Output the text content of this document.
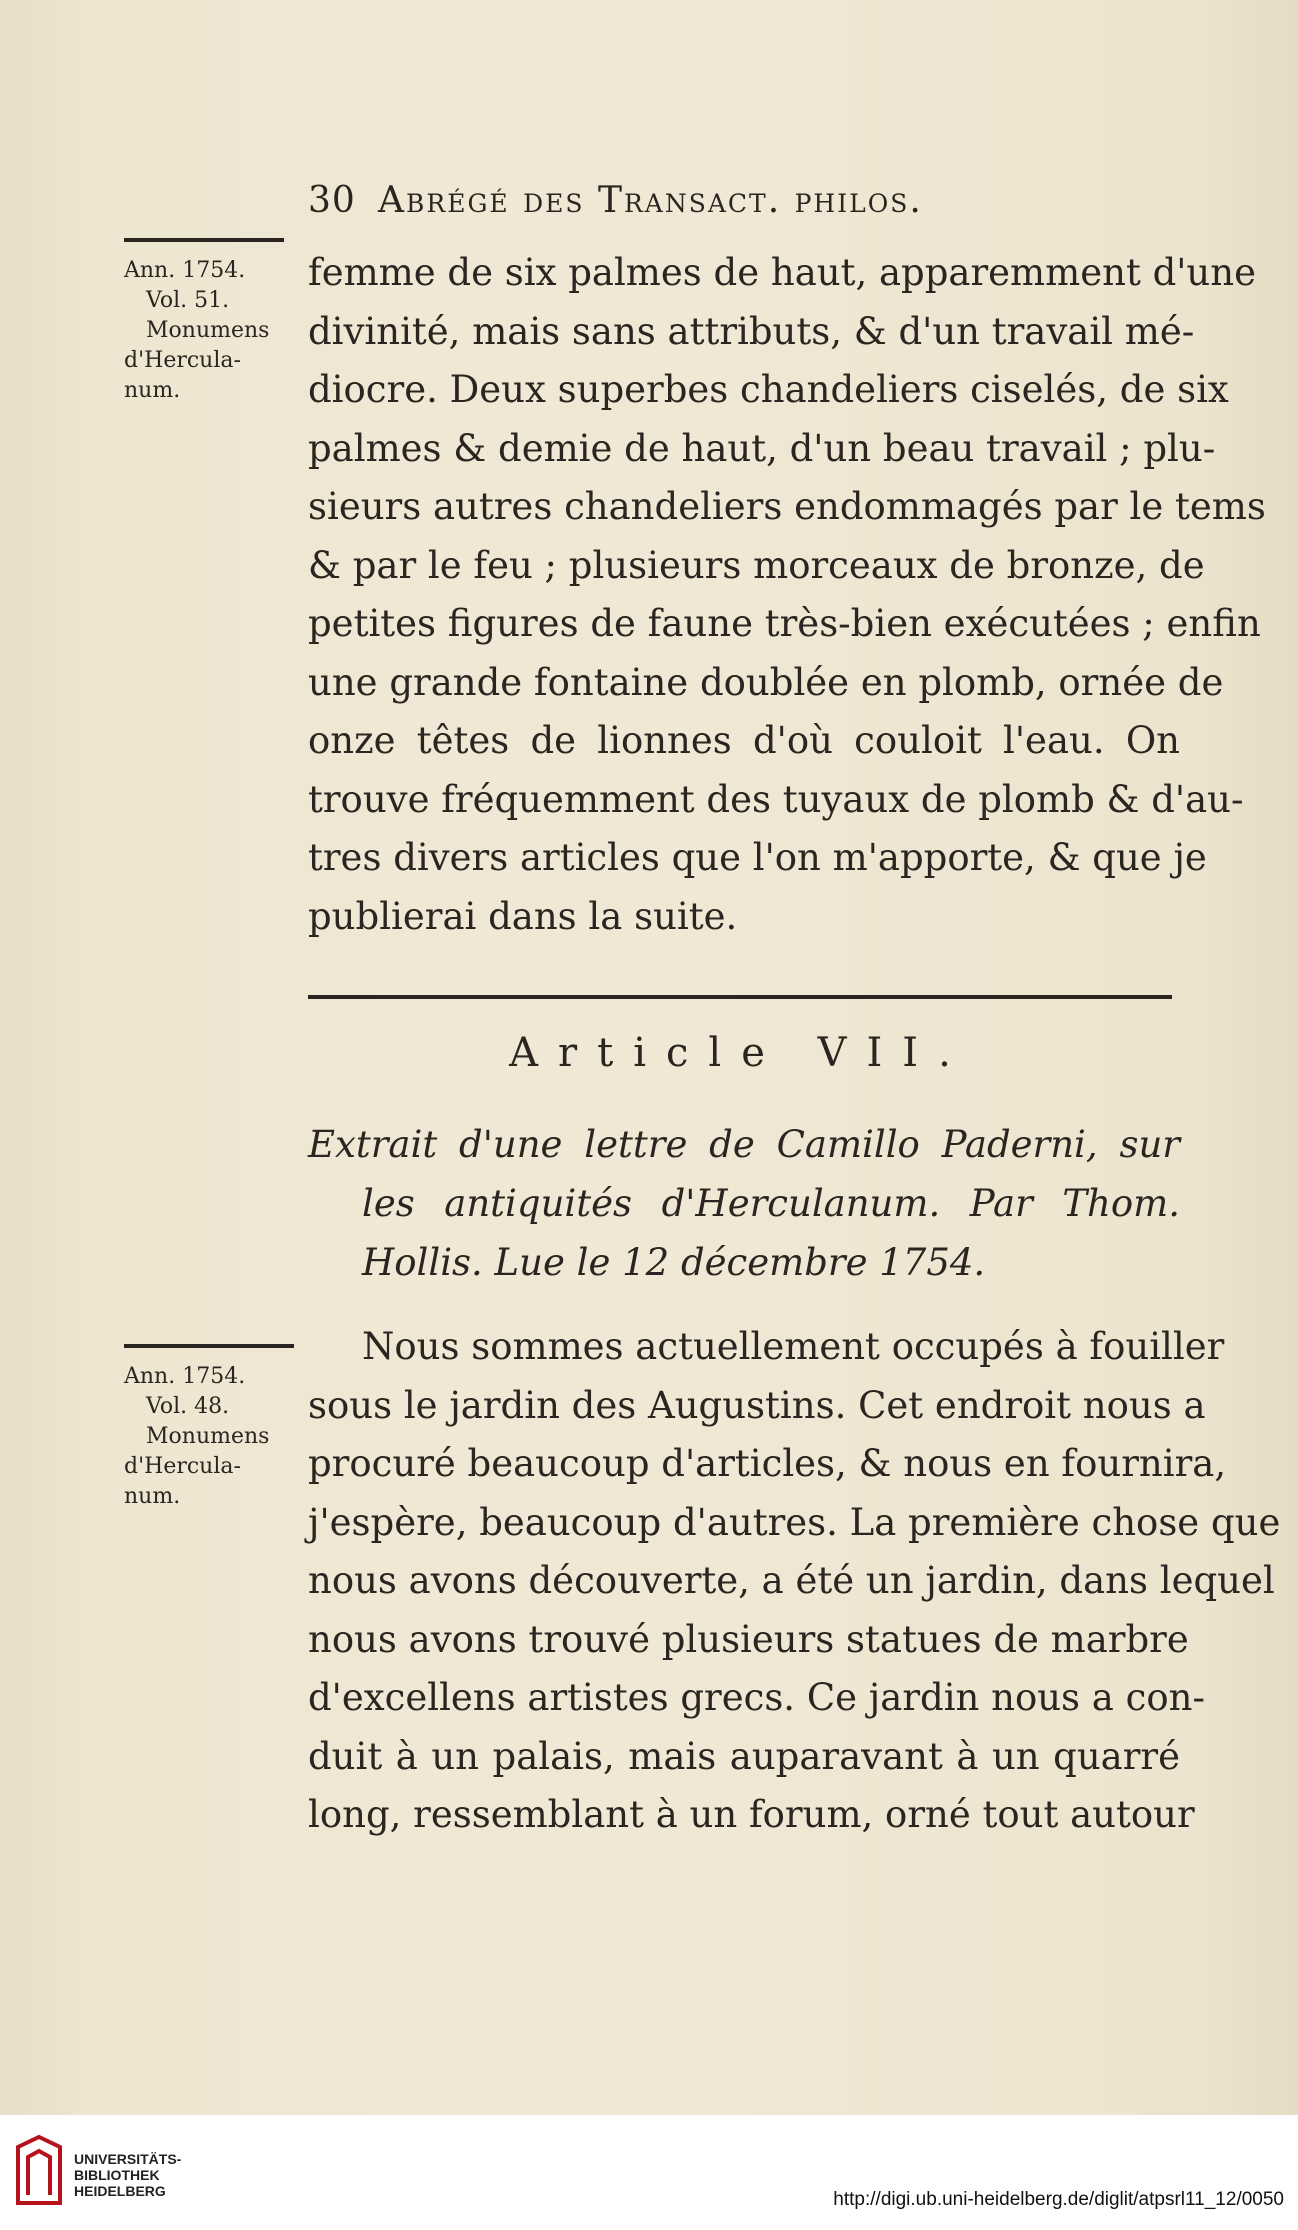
30 Abrégé des Transact. philos.
Ann. 1754.
Vol. 51.
Monumens
d'Hercula-
num.
femme de six palmes de haut, apparemment d'une
divinité, mais sans attributs, & d'un travail mé-
diocre. Deux superbes chandeliers ciselés, de six
palmes & demie de haut, d'un beau travail ; plu-
sieurs autres chandeliers endommagés par le tems
& par le feu ; plusieurs morceaux de bronze, de
petites figures de faune très-bien exécutées ; enfin
une grande fontaine doublée en plomb, ornée de
onze têtes de lionnes d'où couloit l'eau. On
trouve fréquemment des tuyaux de plomb & d'au-
tres divers articles que l'on m'apporte, & que je
publierai dans la suite.
Article VII.
Extrait d'une lettre de Camillo Paderni, sur
les antiquités d'Herculanum. Par Thom.
Hollis. Lue le 12 décembre 1754.
Ann. 1754.
Vol. 48.
Monumens
d'Hercula-
num.
Nous sommes actuellement occupés à fouiller
sous le jardin des Augustins. Cet endroit nous a
procuré beaucoup d'articles, & nous en fournira,
j'espère, beaucoup d'autres. La première chose que
nous avons découverte, a été un jardin, dans lequel
nous avons trouvé plusieurs statues de marbre
d'excellens artistes grecs. Ce jardin nous a con-
duit à un palais, mais auparavant à un quarré
long, ressemblant à un forum, orné tout autour
UNIVERSITÄTS-
BIBLIOTHEK
HEIDELBERG	http://digi.ub.uni-heidelberg.de/diglit/atpsrl11_12/0050
